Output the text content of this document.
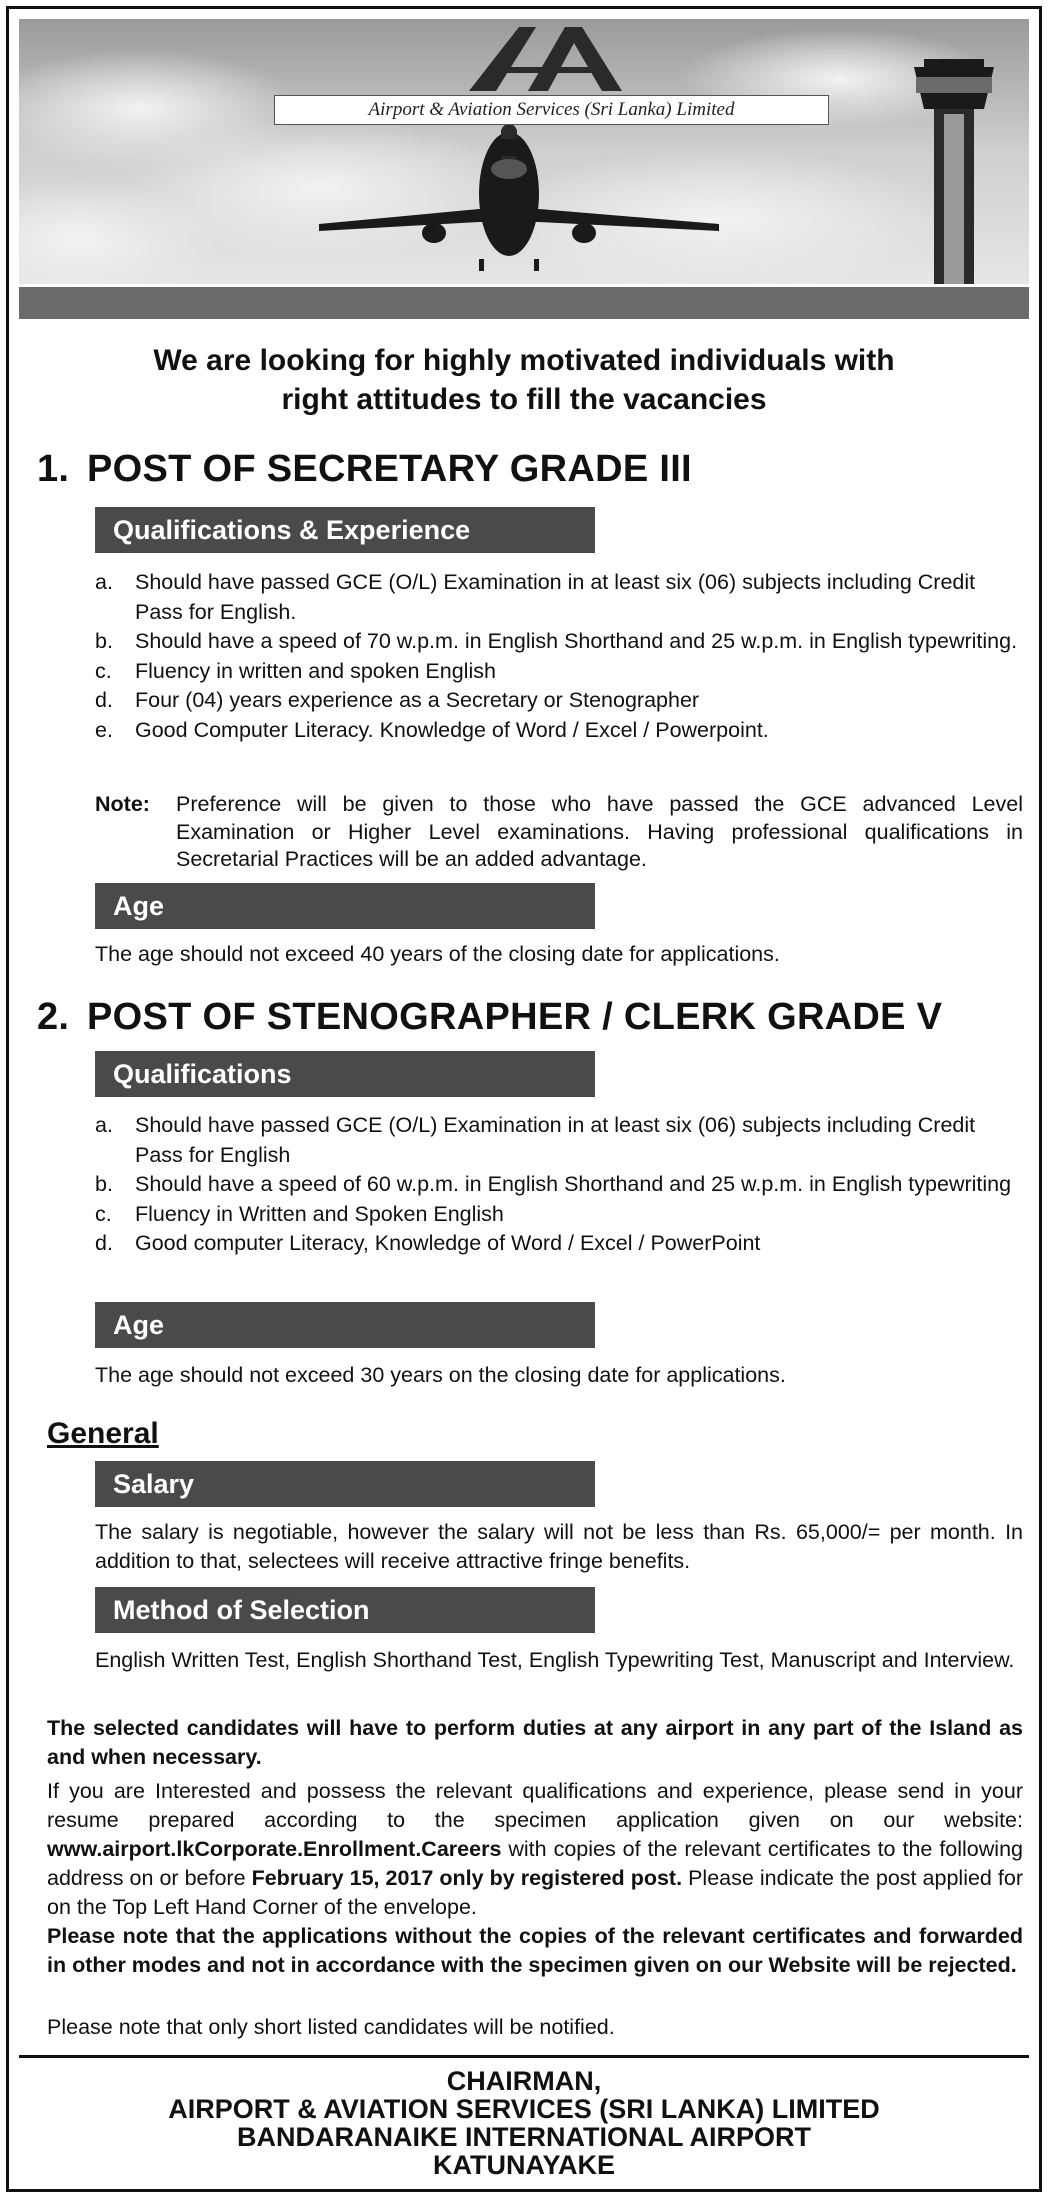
Airport & Aviation Services (Sri Lanka) Limited
We are looking for highly motivated individuals with
right attitudes to fill the vacancies
1. POST OF SECRETARY GRADE III
Qualifications & Experience
a. Should have passed GCE (O/L) Examination in at least six (06) subjects including Credit Pass for English.
b. Should have a speed of 70 w.p.m. in English Shorthand and 25 w.p.m. in English typewriting.
c. Fluency in written and spoken English
d. Four (04) years experience as a Secretary or Stenographer
e. Good Computer Literacy. Knowledge of Word / Excel / Powerpoint.
Note:	Preference will be given to those who have passed the GCE advanced Level Examination or Higher Level examinations. Having professional qualifications in Secretarial Practices will be an added advantage.
Age
The age should not exceed 40 years of the closing date for applications.
2. POST OF STENOGRAPHER / CLERK GRADE V
Qualifications
a. Should have passed GCE (O/L) Examination in at least six (06) subjects including Credit Pass for English
b. Should have a speed of 60 w.p.m. in English Shorthand and 25 w.p.m. in English typewriting
c. Fluency in Written and Spoken English
d. Good computer Literacy, Knowledge of Word / Excel / PowerPoint
Age
The age should not exceed 30 years on the closing date for applications.
General
Salary
The salary is negotiable, however the salary will not be less than Rs. 65,000/= per month. In addition to that, selectees will receive attractive fringe benefits.
Method of Selection
English Written Test, English Shorthand Test, English Typewriting Test, Manuscript and Interview.
The selected candidates will have to perform duties at any airport in any part of the Island as and when necessary.
If you are Interested and possess the relevant qualifications and experience, please send in your resume prepared according to the specimen application given on our website: www.airport.lkCorporate.Enrollment.Careers with copies of the relevant certificates to the following address on or before February 15, 2017 only by registered post. Please indicate the post applied for on the Top Left Hand Corner of the envelope.
Please note that the applications without the copies of the relevant certificates and forwarded in other modes and not in accordance with the specimen given on our Website will be rejected.
Please note that only short listed candidates will be notified.
CHAIRMAN,
AIRPORT & AVIATION SERVICES (SRI LANKA) LIMITED
BANDARANAIKE INTERNATIONAL AIRPORT
KATUNAYAKE
